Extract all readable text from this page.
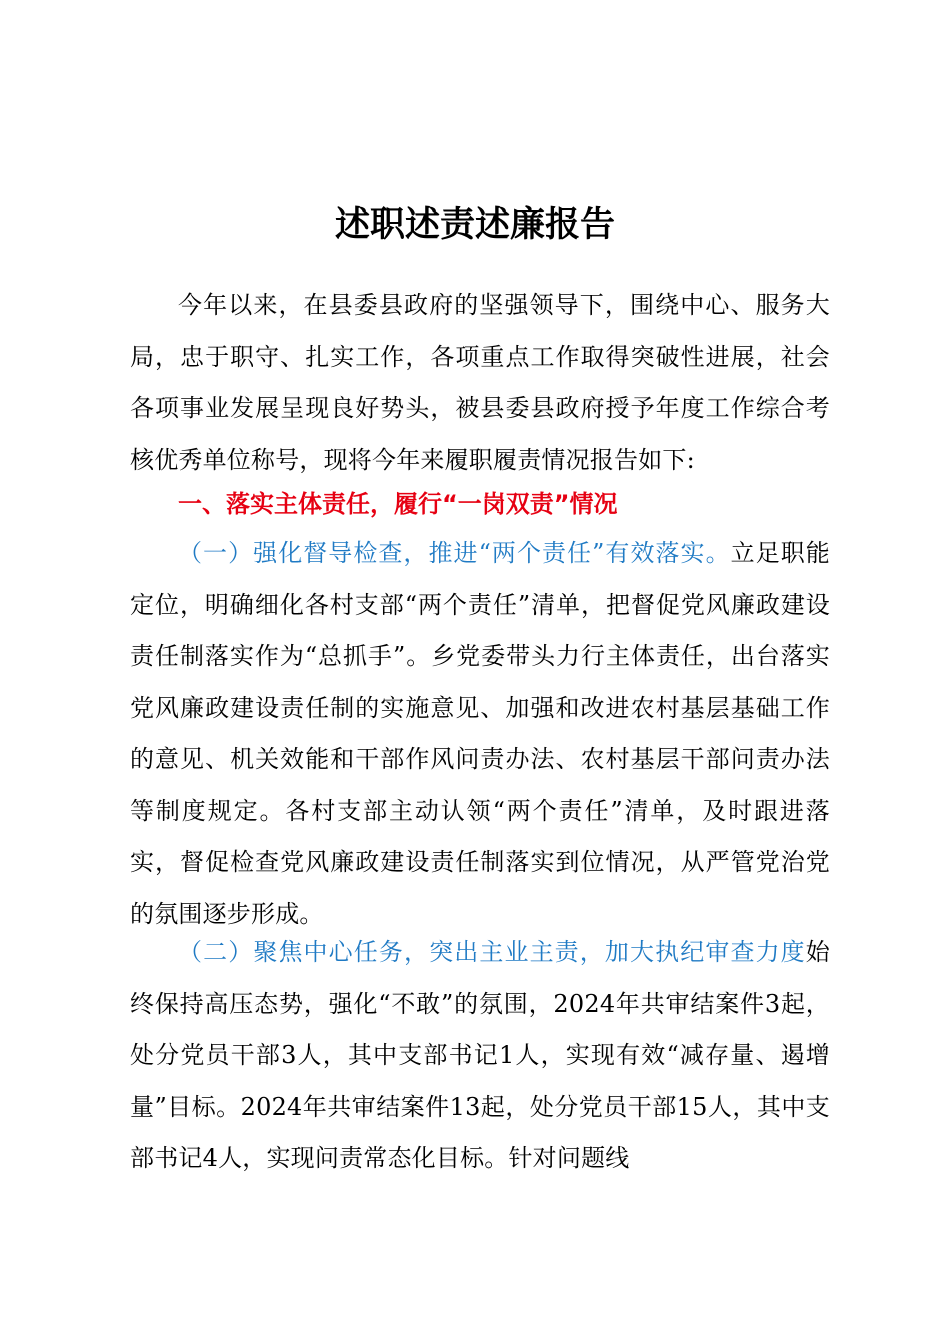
述职述责述廉报告

今年以来，在县委县政府的坚强领导下，围绕中心、服务大局，忠于职守、扎实工作，各项重点工作取得突破性进展，社会各项事业发展呈现良好势头，被县委县政府授予年度工作综合考核优秀单位称号，现将今年来履职履责情况报告如下:

一、落实主体责任，履行“一岗双责”情况

（一）强化督导检查，推进“两个责任”有效落实。立足职能定位，明确细化各村支部“两个责任”清单，把督促党风廉政建设责任制落实作为“总抓手”。乡党委带头力行主体责任，出台落实党风廉政建设责任制的实施意见、加强和改进农村基层基础工作的意见、机关效能和干部作风问责办法、农村基层干部问责办法等制度规定。各村支部主动认领“两个责任”清单，及时跟进落实，督促检查党风廉政建设责任制落实到位情况，从严管党治党的氛围逐步形成。

（二）聚焦中心任务，突出主业主责，加大执纪审查力度始终保持高压态势，强化“不敢”的氛围，2024年共审结案件3起，处分党员干部3人，其中支部书记1人，实现有效“减存量、遏增量”目标。2024年共审结案件13起，处分党员干部15人，其中支部书记4人，实现问责常态化目标。针对问题线
